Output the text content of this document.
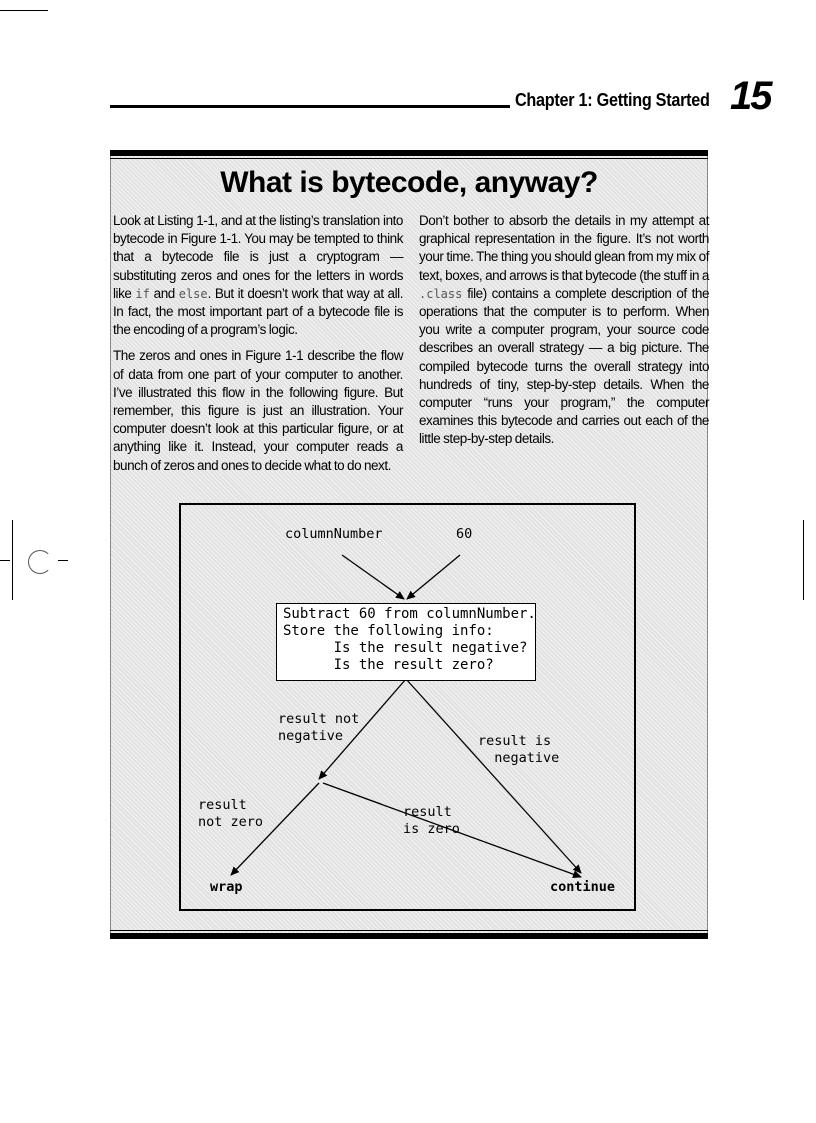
Chapter 1: Getting Started 15
What is bytecode, anyway?

Look at Listing 1-1, and at the listing’s translation into bytecode in Figure 1-1. You may be tempted to think that a bytecode file is just a cryptogram — substituting zeros and ones for the letters in words like if and else. But it doesn’t work that way at all. In fact, the most important part of a bytecode file is the encoding of a program’s logic.

The zeros and ones in Figure 1-1 describe the flow of data from one part of your computer to another. I’ve illustrated this flow in the following figure. But remember, this figure is just an illustration. Your computer doesn’t look at this particular figure, or at anything like it. Instead, your computer reads a bunch of zeros and ones to decide what to do next.

Don’t bother to absorb the details in my attempt at graphical representation in the figure. It’s not worth your time. The thing you should glean from my mix of text, boxes, and arrows is that bytecode (the stuff in a .class file) contains a complete description of the operations that the computer is to perform. When you write a computer program, your source code describes an overall strategy — a big picture. The compiled bytecode turns the overall strategy into hundreds of tiny, step-by-step details. When the computer “runs your program,” the computer examines this bytecode and carries out each of the little step-by-step details.

columnNumber	60
Subtract 60 from columnNumber.
Store the following info:
Is the result negative?
Is the result zero?
result not
negative	result is
negative
result
not zero
result
is zero
wrap	continue
